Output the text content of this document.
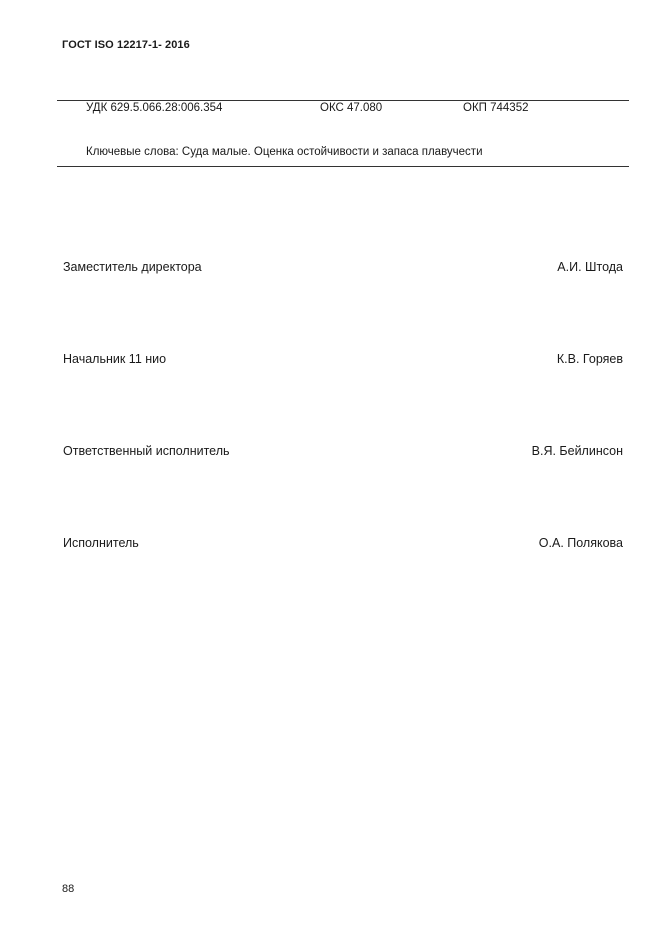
ГОСТ ISO 12217-1- 2016
УДК 629.5.066.28:006.354	ОКС 47.080	ОКП 744352
Ключевые слова: Суда малые. Оценка остойчивости и запаса плавучести
Заместитель директора	А.И. Штода
Начальник 11 нио	К.В. Горяев
Ответственный исполнитель	В.Я. Бейлинсон
Исполнитель	О.А. Полякова
88
